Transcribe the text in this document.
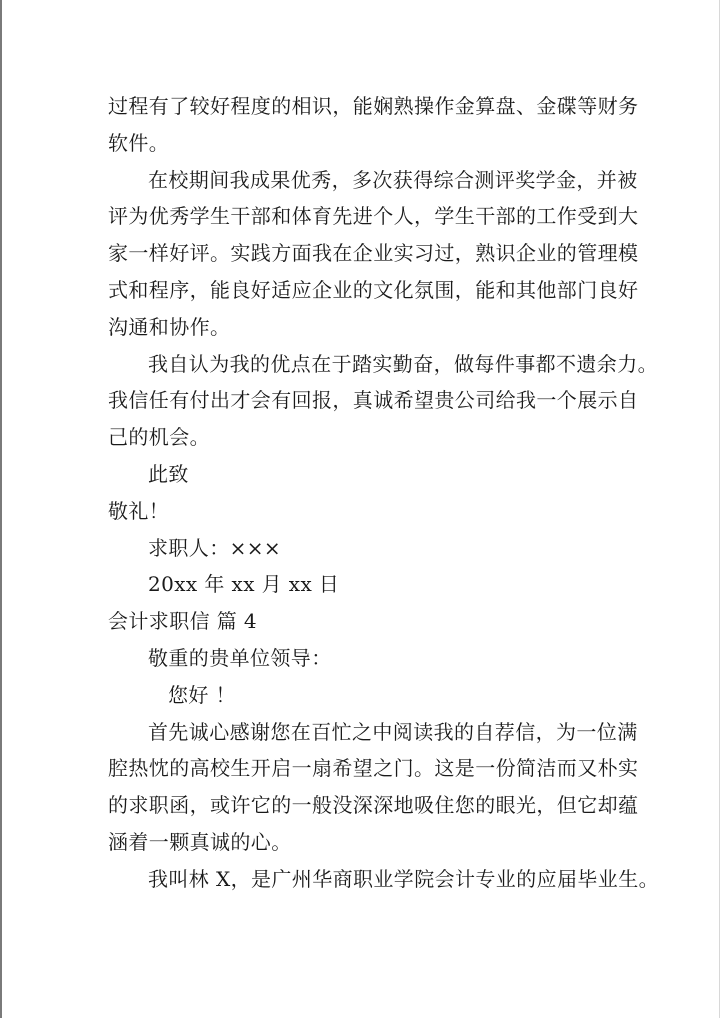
过程有了较好程度的相识，能娴熟操作金算盘、金碟等财务
软件。
在校期间我成果优秀，多次获得综合测评奖学金，并被
评为优秀学生干部和体育先进个人，学生干部的工作受到大
家一样好评。实践方面我在企业实习过，熟识企业的管理模
式和程序，能良好适应企业的文化氛围，能和其他部门良好
沟通和协作。
我自认为我的优点在于踏实勤奋，做每件事都不遗余力。
我信任有付出才会有回报，真诚希望贵公司给我一个展示自
己的机会。
此致
敬礼！
求职人：×××
20xx 年 xx 月 xx 日
会计求职信 篇 4
敬重的贵单位领导：
您好 ！
首先诚心感谢您在百忙之中阅读我的自荐信，为一位满
腔热忱的高校生开启一扇希望之门。这是一份简洁而又朴实
的求职函，或许它的一般没深深地吸住您的眼光，但它却蕴
涵着一颗真诚的心。
我叫林 X，是广州华商职业学院会计专业的应届毕业生。
